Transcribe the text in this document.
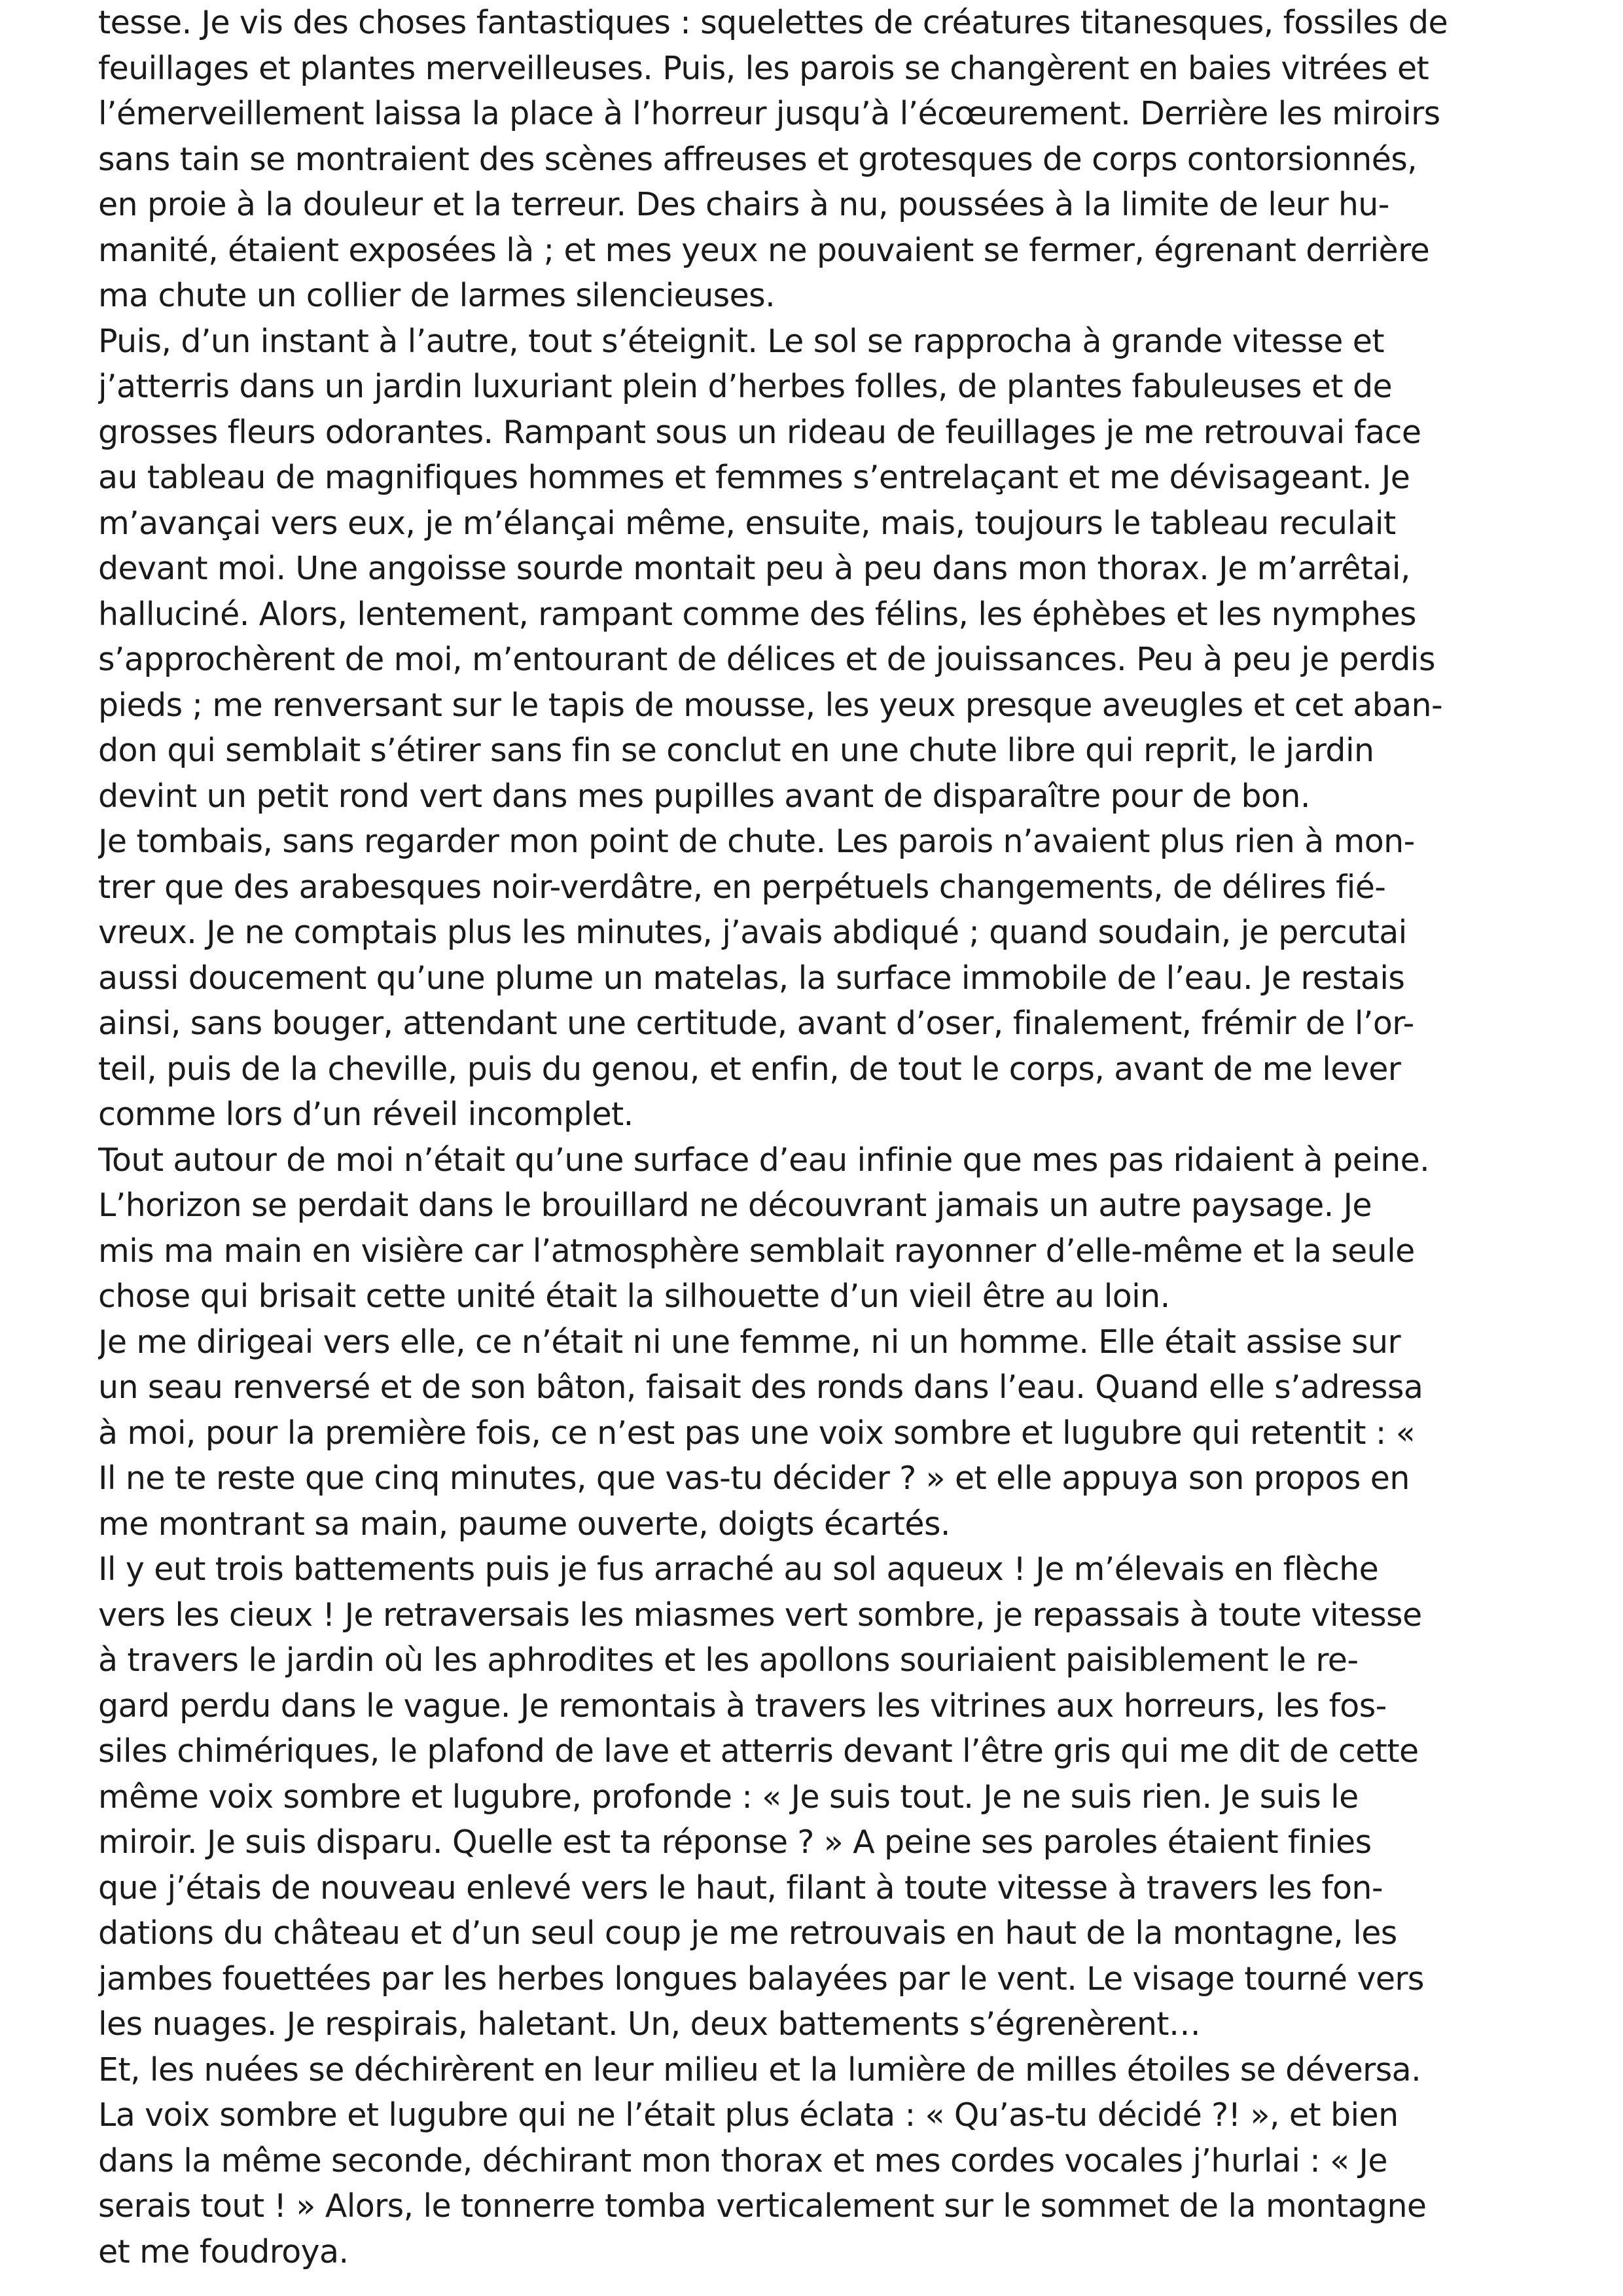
tesse. Je vis des choses fantastiques : squelettes de créatures titanesques, fossiles de
feuillages et plantes merveilleuses. Puis, les parois se changèrent en baies vitrées et
l’émerveillement laissa la place à l’horreur jusqu’à l’écœurement. Derrière les miroirs
sans tain se montraient des scènes affreuses et grotesques de corps contorsionnés,
en proie à la douleur et la terreur. Des chairs à nu, poussées à la limite de leur hu-
manité, étaient exposées là ; et mes yeux ne pouvaient se fermer, égrenant derrière
ma chute un collier de larmes silencieuses.
Puis, d’un instant à l’autre, tout s’éteignit. Le sol se rapprocha à grande vitesse et
j’atterris dans un jardin luxuriant plein d’herbes folles, de plantes fabuleuses et de
grosses fleurs odorantes. Rampant sous un rideau de feuillages je me retrouvai face
au tableau de magnifiques hommes et femmes s’entrelaçant et me dévisageant. Je
m’avançai vers eux, je m’élançai même, ensuite, mais, toujours le tableau reculait
devant moi. Une angoisse sourde montait peu à peu dans mon thorax. Je m’arrêtai,
halluciné. Alors, lentement, rampant comme des félins, les éphèbes et les nymphes
s’approchèrent de moi, m’entourant de délices et de jouissances. Peu à peu je perdis
pieds ; me renversant sur le tapis de mousse, les yeux presque aveugles et cet aban-
don qui semblait s’étirer sans fin se conclut en une chute libre qui reprit, le jardin
devint un petit rond vert dans mes pupilles avant de disparaître pour de bon.
Je tombais, sans regarder mon point de chute. Les parois n’avaient plus rien à mon-
trer que des arabesques noir-verdâtre, en perpétuels changements, de délires fié-
vreux. Je ne comptais plus les minutes, j’avais abdiqué ; quand soudain, je percutai
aussi doucement qu’une plume un matelas, la surface immobile de l’eau. Je restais
ainsi, sans bouger, attendant une certitude, avant d’oser, finalement, frémir de l’or-
teil, puis de la cheville, puis du genou, et enfin, de tout le corps, avant de me lever
comme lors d’un réveil incomplet.
Tout autour de moi n’était qu’une surface d’eau infinie que mes pas ridaient à peine.
L’horizon se perdait dans le brouillard ne découvrant jamais un autre paysage. Je
mis ma main en visière car l’atmosphère semblait rayonner d’elle-même et la seule
chose qui brisait cette unité était la silhouette d’un vieil être au loin.
Je me dirigeai vers elle, ce n’était ni une femme, ni un homme. Elle était assise sur
un seau renversé et de son bâton, faisait des ronds dans l’eau. Quand elle s’adressa
à moi, pour la première fois, ce n’est pas une voix sombre et lugubre qui retentit : «
Il ne te reste que cinq minutes, que vas-tu décider ? » et elle appuya son propos en
me montrant sa main, paume ouverte, doigts écartés.
Il y eut trois battements puis je fus arraché au sol aqueux ! Je m’élevais en flèche
vers les cieux ! Je retraversais les miasmes vert sombre, je repassais à toute vitesse
à travers le jardin où les aphrodites et les apollons souriaient paisiblement le re-
gard perdu dans le vague. Je remontais à travers les vitrines aux horreurs, les fos-
siles chimériques, le plafond de lave et atterris devant l’être gris qui me dit de cette
même voix sombre et lugubre, profonde : « Je suis tout. Je ne suis rien. Je suis le
miroir. Je suis disparu. Quelle est ta réponse ? » A peine ses paroles étaient finies
que j’étais de nouveau enlevé vers le haut, filant à toute vitesse à travers les fon-
dations du château et d’un seul coup je me retrouvais en haut de la montagne, les
jambes fouettées par les herbes longues balayées par le vent. Le visage tourné vers
les nuages. Je respirais, haletant. Un, deux battements s’égrenèrent…
Et, les nuées se déchirèrent en leur milieu et la lumière de milles étoiles se déversa.
La voix sombre et lugubre qui ne l’était plus éclata : « Qu’as-tu décidé ?! », et bien
dans la même seconde, déchirant mon thorax et mes cordes vocales j’hurlai : « Je
serais tout ! » Alors, le tonnerre tomba verticalement sur le sommet de la montagne
et me foudroya.
